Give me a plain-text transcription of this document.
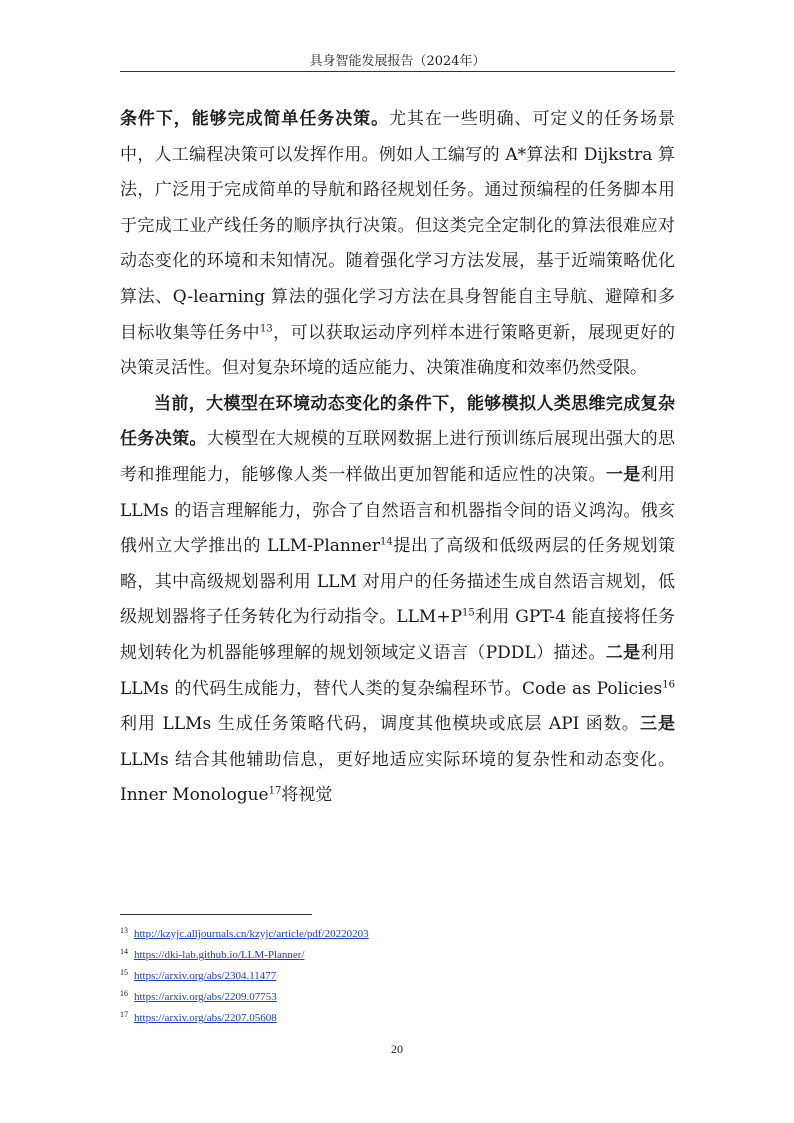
具身智能发展报告（2024年）

条件下，能够完成简单任务决策。尤其在一些明确、可定义的任务场景中，人工编程决策可以发挥作用。例如人工编写的 A*算法和 Dijkstra 算法，广泛用于完成简单的导航和路径规划任务。通过预编程的任务脚本用于完成工业产线任务的顺序执行决策。但这类完全定制化的算法很难应对动态变化的环境和未知情况。随着强化学习方法发展，基于近端策略优化算法、Q-learning 算法的强化学习方法在具身智能自主导航、避障和多目标收集等任务中$^{13}$，可以获取运动序列样本进行策略更新，展现更好的决策灵活性。但对复杂环境的适应能力、决策准确度和效率仍然受限。

当前，大模型在环境动态变化的条件下，能够模拟人类思维完成复杂任务决策。大模型在大规模的互联网数据上进行预训练后展现出强大的思考和推理能力，能够像人类一样做出更加智能和适应性的决策。一是利用 LLMs 的语言理解能力，弥合了自然语言和机器指令间的语义鸿沟。俄亥俄州立大学推出的 LLM-Planner$^{14}$提出了高级和低级两层的任务规划策略，其中高级规划器利用 LLM 对用户的任务描述生成自然语言规划，低级规划器将子任务转化为行动指令。$LLM+P^{15}$利用 GPT-4 能直接将任务规划转化为机器能够理解的规划领域定义语言（PDDL）描述。二是利用 LLMs 的代码生成能力，替代人类的复杂编程环节。Code as Policies$^{16}$利用 LLMs 生成任务策略代码，调度其他模块或底层 API 函数。三是 LLMs 结合其他辅助信息，更好地适应实际环境的复杂性和动态变化。Inner Monologue$^{17}$将视觉

13 http://kzyjc.alljournals.cn/kzyjc/article/pdf/20220203
14 https://dki-lab.github.io/LLM-Planner/
15 https://arxiv.org/abs/2304.11477
16 https://arxiv.org/abs/2209.07753
17 https://arxiv.org/abs/2207.05608
20
